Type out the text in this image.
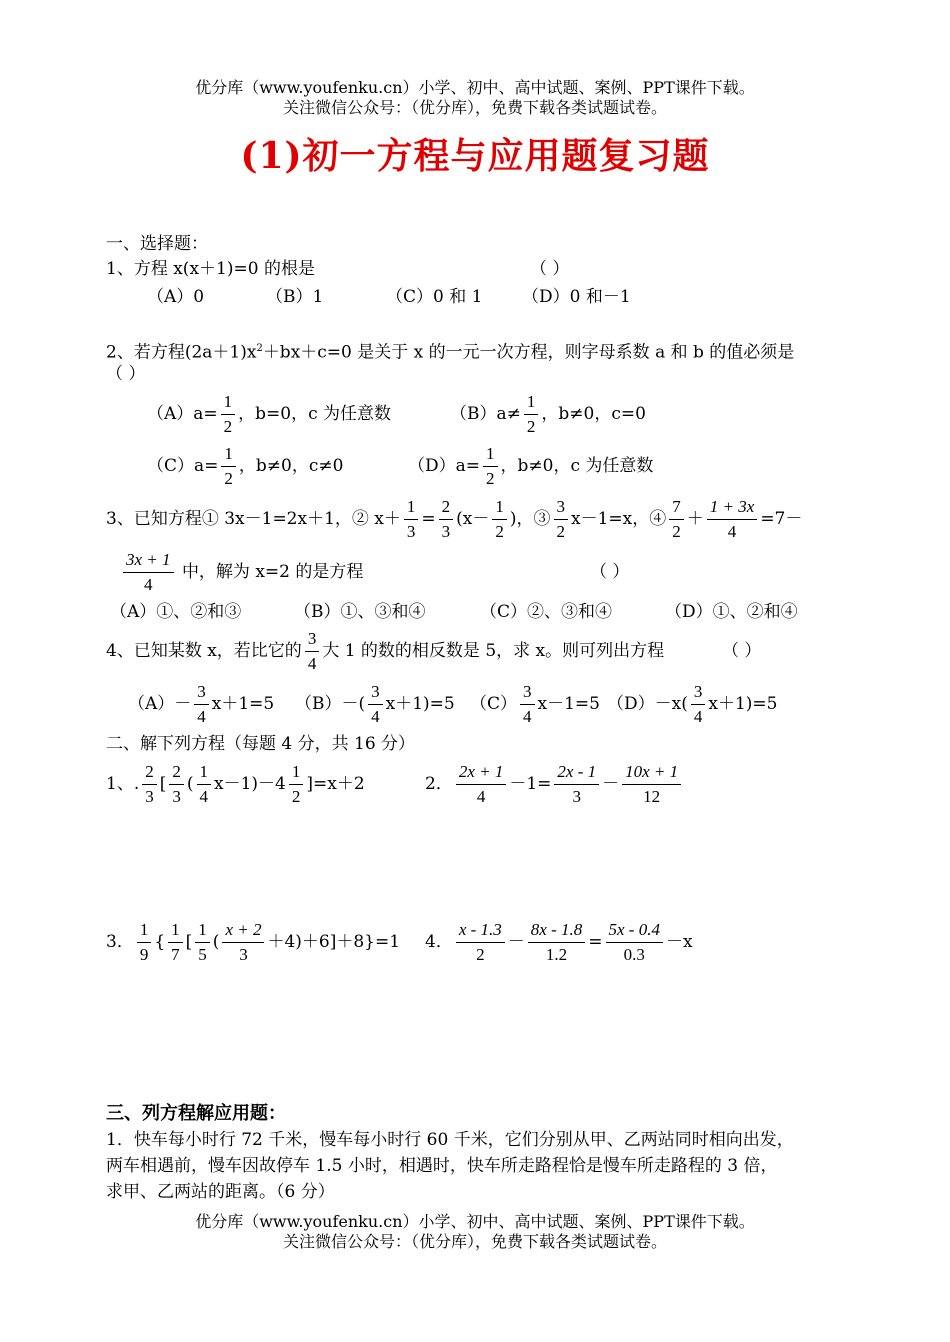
优分库（www.youfenku.cn）小学、初中、高中试题、案例、PPT课件下载。
关注微信公众号：（优分库），免费下载各类试题试卷。
(1)初一方程与应用题复习题
一、选择题：
1、方程 x(x＋1)=0 的根是	（ ）
（A）0	（B）1	（C）0 和 1 （D）0 和－1
2、若方程$(2a+1)x^2+bx+c=0$ 是关于 x 的一元一次方程，则字母系数 a 和 b 的值必须是
（ ）
$(A)a= \frac{1}{2}$ ，b=0，c 为任意数	$(B)a\ne \frac{1}{2}$ ，b≠0，c=0
$(C)a= \frac{1}{2}$ ，b≠0，c≠0	$(D)a= \frac{1}{2}$ ，b≠0，c 为任意数
3、已知方程① 3x－1=2x＋1，② $x+ \frac{1}{3} = \frac{2}{3} (x- \frac{1}{2}$ )，③ $\frac{3}{2} x-1=x$，④ $\frac{7}{2} + \frac{1 + 3x}{4} =7-$
$\frac{3x + 1}{4}$ 中，解为 x=2 的是方程	（ ）
（A）①、②和③	（B）①、③和④	（C）②、③和④	（D）①、②和④
4、已知某数 x，若比它的 $\frac{3}{4}$ 大 1 的数的相反数是 5，求 x。则可列出方程	（ ）
$(A)- \frac{3}{4} x+1=5$ $(B)-( \frac{3}{4} x+1)=5$ $(C) \frac{3}{4} x-1=5$ $(D)-x( \frac{3}{4} x+1)=5$
二、解下列方程（每题 4 分，共 16 分）
1、. $\frac{2}{3}$ [ $\frac{2}{3}$ ( $\frac{1}{4} x-1)-4 \frac{1}{2} ]=x+2$	2． $\frac{2x + 1}{4} -1= \frac{2x - 1}{3} - \frac{10x + 1}{12}$
3． $\frac{1}{9}$ { $\frac{1}{7}$ [ $\frac{1}{5}$ ( $\frac{x + 2}{3} +4)+6]+8\}=1$ 4． $\frac{x - 1.3}{2} - \frac{8x - 1.8}{1.2} = \frac{5x - 0.4}{0.3} -x$
三、列方程解应用题：
1．快车每小时行 72 千米，慢车每小时行 60 千米，它们分别从甲、乙两站同时相向出发，
两车相遇前，慢车因故停车 1.5 小时，相遇时，快车所走路程恰是慢车所走路程的 3 倍，
求甲、乙两站的距离。（6 分）
优分库（www.youfenku.cn）小学、初中、高中试题、案例、PPT课件下载。
关注微信公众号：（优分库），免费下载各类试题试卷。
